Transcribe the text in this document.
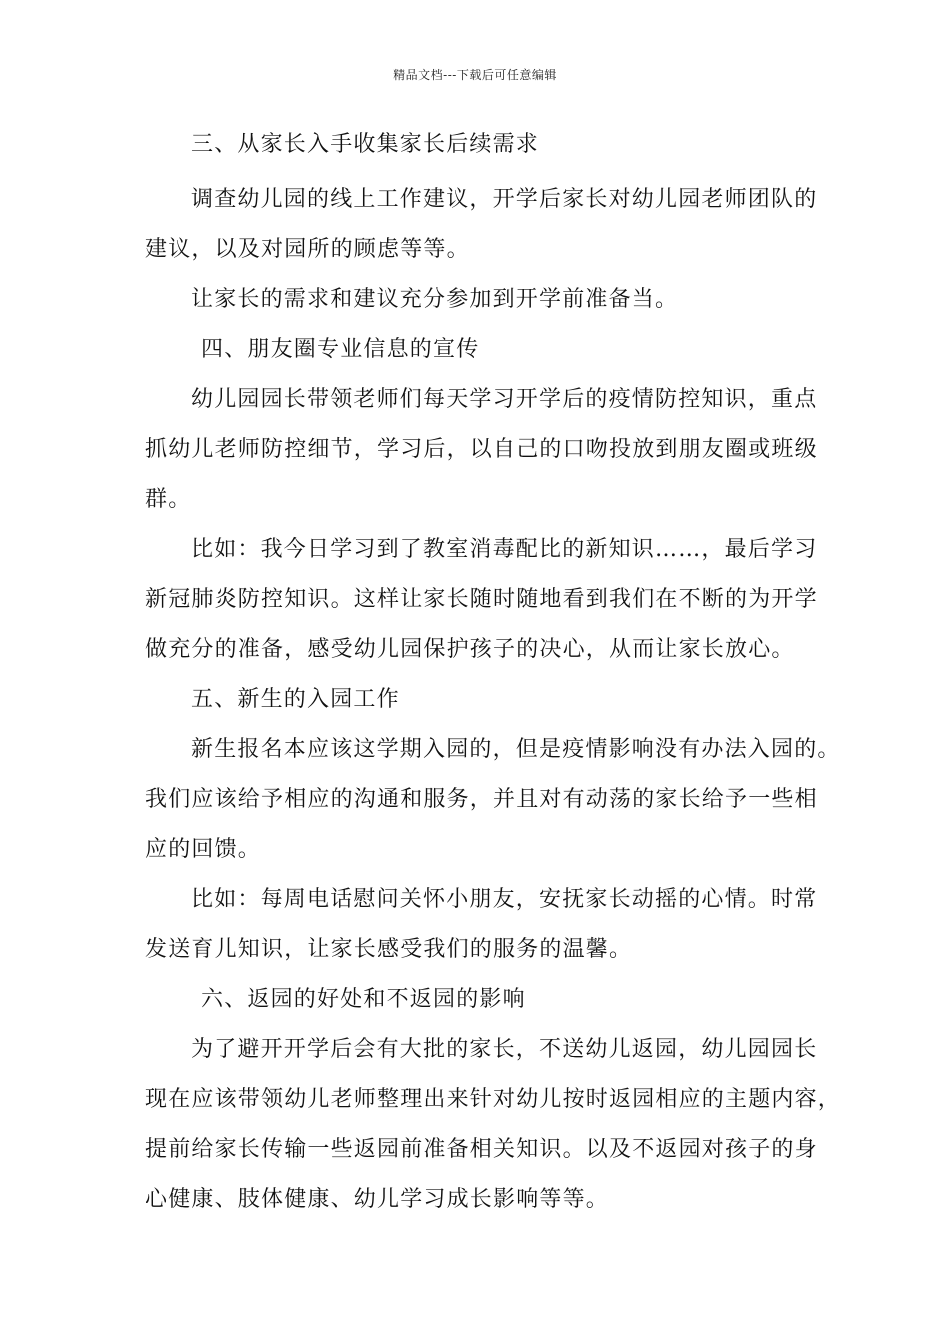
精品文档---下载后可任意编辑
三、从家长入手收集家长后续需求
调查幼儿园的线上工作建议，开学后家长对幼儿园老师团队的
建议，以及对园所的顾虑等等。
让家长的需求和建议充分参加到开学前准备当。
四、朋友圈专业信息的宣传
幼儿园园长带领老师们每天学习开学后的疫情防控知识，重点
抓幼儿老师防控细节，学习后，以自己的口吻投放到朋友圈或班级
群。
比如：我今日学习到了教室消毒配比的新知识……，最后学习
新冠肺炎防控知识。这样让家长随时随地看到我们在不断的为开学
做充分的准备，感受幼儿园保护孩子的决心，从而让家长放心。
五、新生的入园工作
新生报名本应该这学期入园的，但是疫情影响没有办法入园的。
我们应该给予相应的沟通和服务，并且对有动荡的家长给予一些相
应的回馈。
比如：每周电话慰问关怀小朋友，安抚家长动摇的心情。时常
发送育儿知识，让家长感受我们的服务的温馨。
六、返园的好处和不返园的影响
为了避开开学后会有大批的家长，不送幼儿返园，幼儿园园长
现在应该带领幼儿老师整理出来针对幼儿按时返园相应的主题内容，
提前给家长传输一些返园前准备相关知识。以及不返园对孩子的身
心健康、肢体健康、幼儿学习成长影响等等。
